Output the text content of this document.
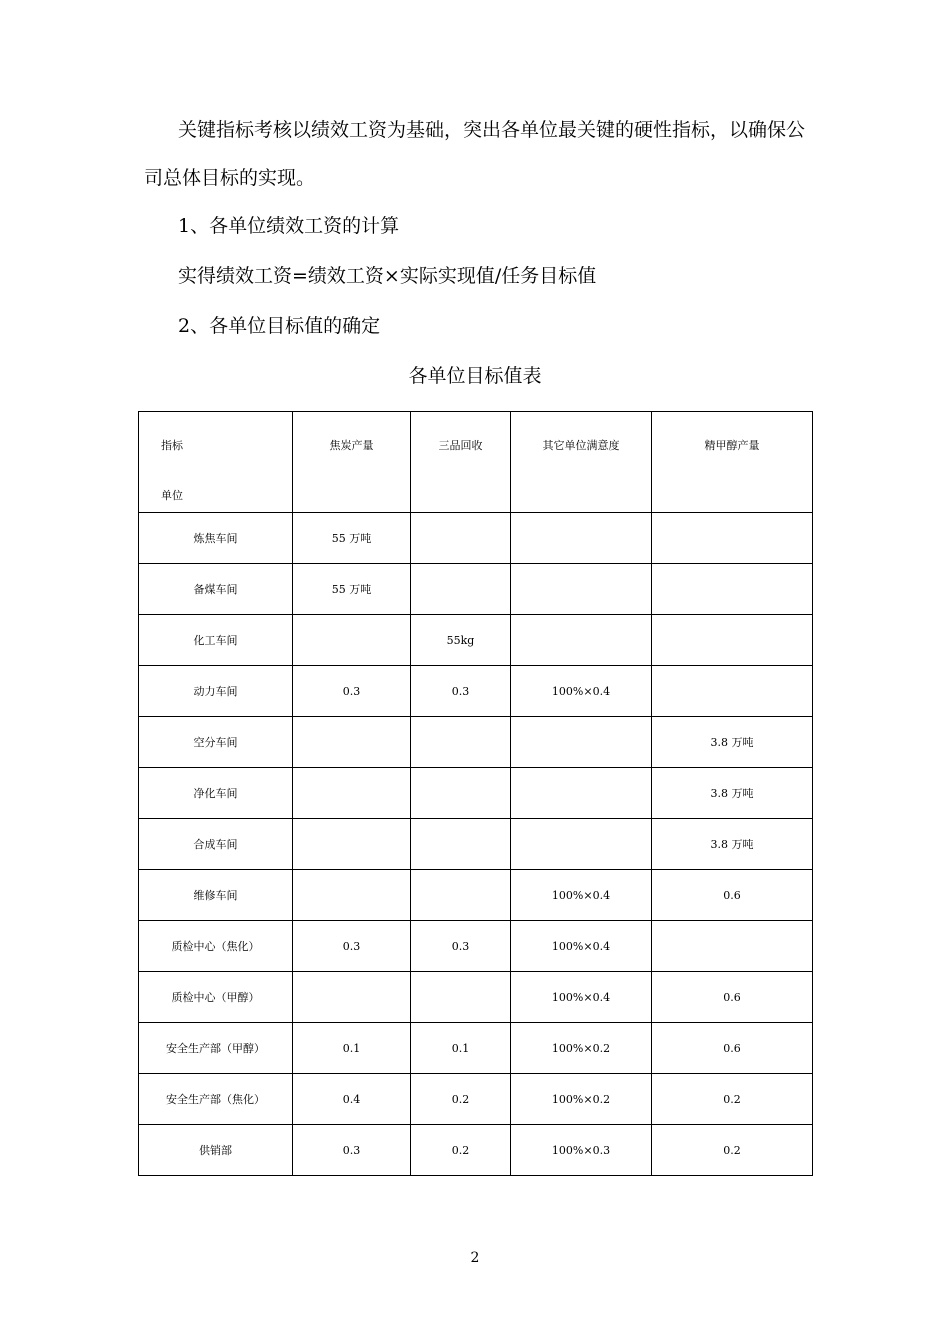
关键指标考核以绩效工资为基础，突出各单位最关键的硬性指标，以确保公

司总体目标的实现。

1、各单位绩效工资的计算

实得绩效工资=绩效工资×实际实现值/任务目标值

2、各单位目标值的确定

各单位目标值表
指标
单位	焦炭产量	三品回收	其它单位满意度	精甲醇产量

炼焦车间	55 万吨			
备煤车间	55 万吨			
化工车间		55kg		
动力车间	0.3	0.3	100%×0.4	
空分车间				3.8 万吨
净化车间				3.8 万吨
合成车间				3.8 万吨
维修车间			100%×0.4	0.6
质检中心（焦化）	0.3	0.3	100%×0.4	
质检中心（甲醇）			100%×0.4	0.6
安全生产部（甲醇）	0.1	0.1	100%×0.2	0.6
安全生产部（焦化）	0.4	0.2	100%×0.2	0.2
供销部	0.3	0.2	100%×0.3	0.2
2
